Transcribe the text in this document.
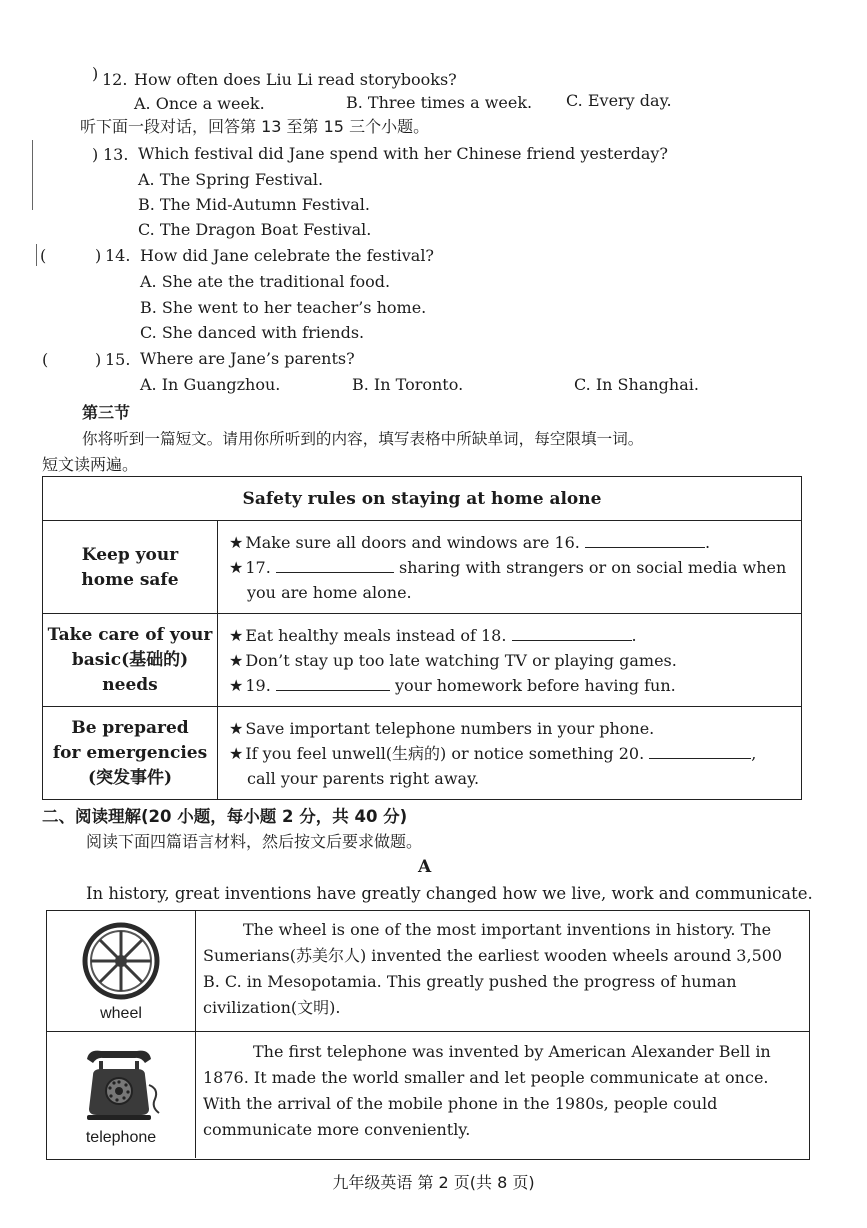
) 12. How often does Liu Li read storybooks?
A. Once a week.	B. Three times a week. C. Every day.
听下面一段对话，回答第 13 至第 15 三个小题。
) 13. Which festival did Jane spend with her Chinese friend yesterday?
A. The Spring Festival.
B. The Mid-Autumn Festival.
C. The Dragon Boat Festival.
(	) 14. How did Jane celebrate the festival?
A. She ate the traditional food.
B. She went to her teacher’s home.
C. She danced with friends.
(	) 15. Where are Jane’s parents?
A. In Guangzhou.	B. In Toronto.	C. In Shanghai.
第三节
你将听到一篇短文。请用你所听到的内容，填写表格中所缺单词，每空限填一词。
短文读两遍。
Safety rules on staying at home alone
Keep your
home safe
★ Make sure all doors and windows are 16.	.
★ 17.	sharing with strangers or on social media when
you are home alone.
Take care of your
basic(基础的)
needs
★ Eat healthy meals instead of 18.	.
★ Don’t stay up too late watching TV or playing games.
★ 19.	your homework before having fun.
Be prepared
for emergencies
(突发事件)
★ Save important telephone numbers in your phone.
★ If you feel unwell(生病的) or notice something 20.	,
call your parents right away.
二、阅读理解(20 小题，每小题 2 分，共 40 分)
阅读下面四篇语言材料，然后按文后要求做题。
A
In history, great inventions have greatly changed how we live, work and communicate.
wheel
The wheel is one of the most important inventions in history. The
Sumerians(苏美尔人) invented the earliest wooden wheels around 3,500
B. C. in Mesopotamia. This greatly pushed the progress of human
civilization(文明).
telephone
The first telephone was invented by American Alexander Bell in
1876. It made the world smaller and let people communicate at once.
With the arrival of the mobile phone in the 1980s, people could
communicate more conveniently.
九年级英语 第 2 页(共 8 页)
